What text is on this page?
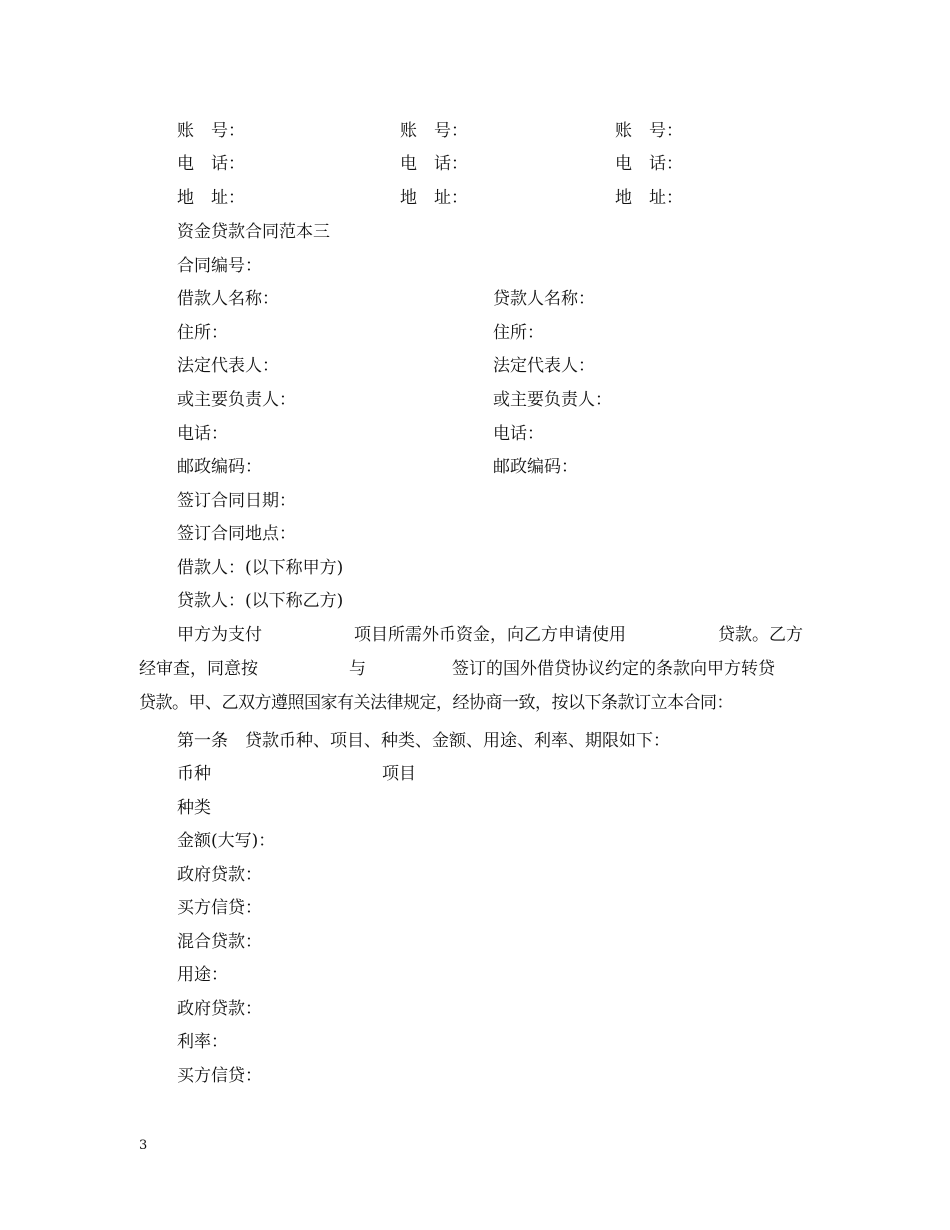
账　号：	账　号：	账　号：
电　话：	电　话：	电　话：
地　址：	地　址：	地　址：
资金贷款合同范本三
合同编号：
借款人名称：	贷款人名称：
住所：	住所：
法定代表人：	法定代表人：
或主要负责人：	或主要负责人：
电话：	电话：
邮政编码：	邮政编码：
签订合同日期：
签订合同地点：
借款人：(以下称甲方)
贷款人：(以下称乙方)
甲方为支付	项目所需外币资金，向乙方申请使用	贷款。乙方
经审查，同意按	与	签订的国外借贷协议约定的条款向甲方转贷
贷款。甲、乙双方遵照国家有关法律规定，经协商一致，按以下条款订立本合同：
第一条　贷款币种、项目、种类、金额、用途、利率、期限如下：
币种	项目
种类
金额(大写)：
政府贷款：
买方信贷：
混合贷款：
用途：
政府贷款：
利率：
买方信贷：
3
